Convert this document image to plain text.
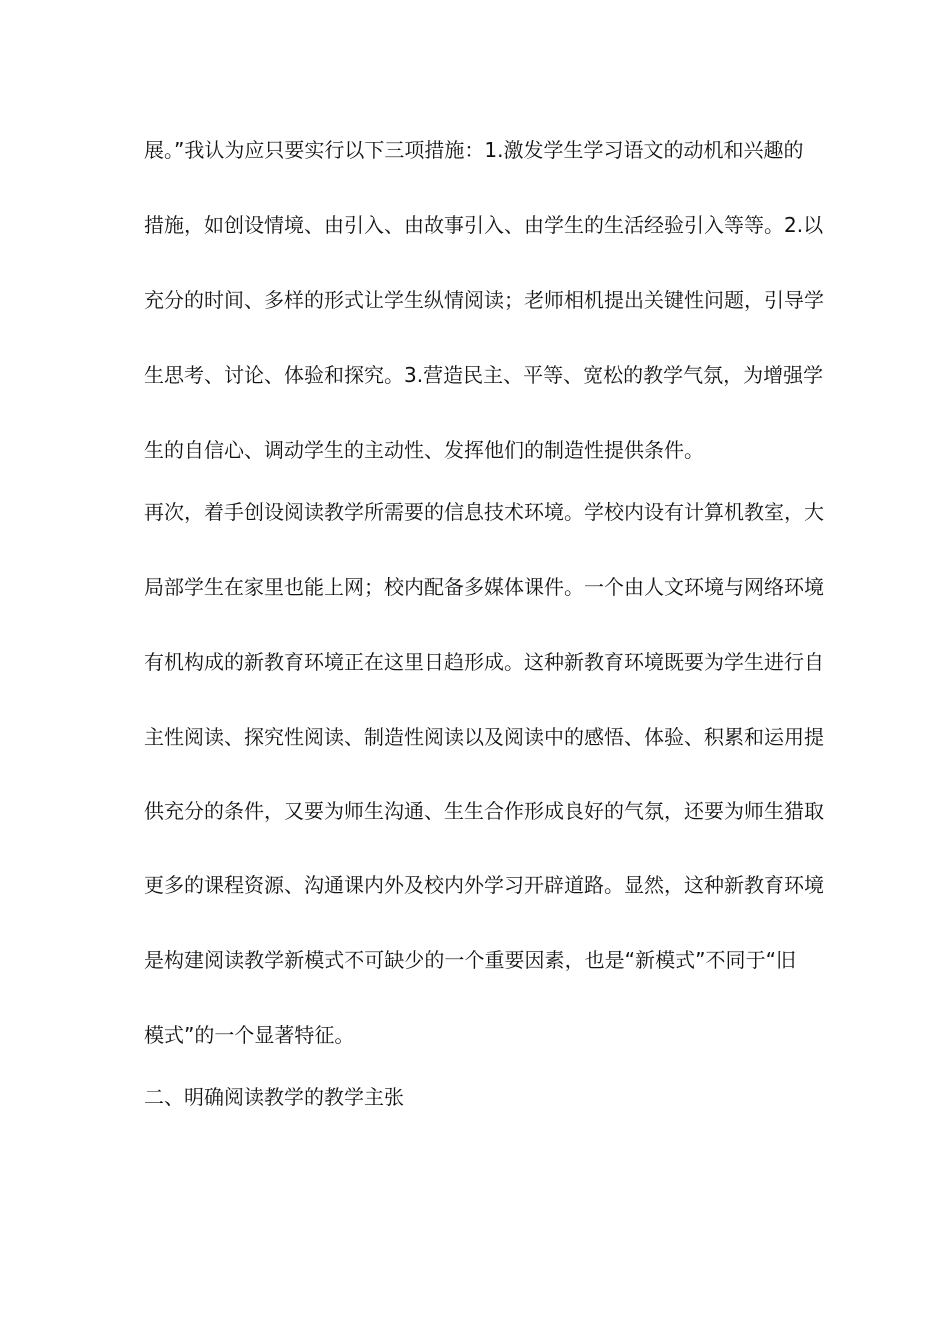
展。”我认为应只要实行以下三项措施：1.激发学生学习语文的动机和兴趣的
措施，如创设情境、由引入、由故事引入、由学生的生活经验引入等等。2.以
充分的时间、多样的形式让学生纵情阅读；老师相机提出关键性问题，引导学
生思考、讨论、体验和探究。3.营造民主、平等、宽松的教学气氛，为增强学
生的自信心、调动学生的主动性、发挥他们的制造性提供条件。
再次，着手创设阅读教学所需要的信息技术环境。学校内设有计算机教室，大
局部学生在家里也能上网；校内配备多媒体课件。一个由人文环境与网络环境
有机构成的新教育环境正在这里日趋形成。这种新教育环境既要为学生进行自
主性阅读、探究性阅读、制造性阅读以及阅读中的感悟、体验、积累和运用提
供充分的条件，又要为师生沟通、生生合作形成良好的气氛，还要为师生猎取
更多的课程资源、沟通课内外及校内外学习开辟道路。显然，这种新教育环境
是构建阅读教学新模式不可缺少的一个重要因素，也是“新模式”不同于“旧
模式”的一个显著特征。
二、明确阅读教学的教学主张
